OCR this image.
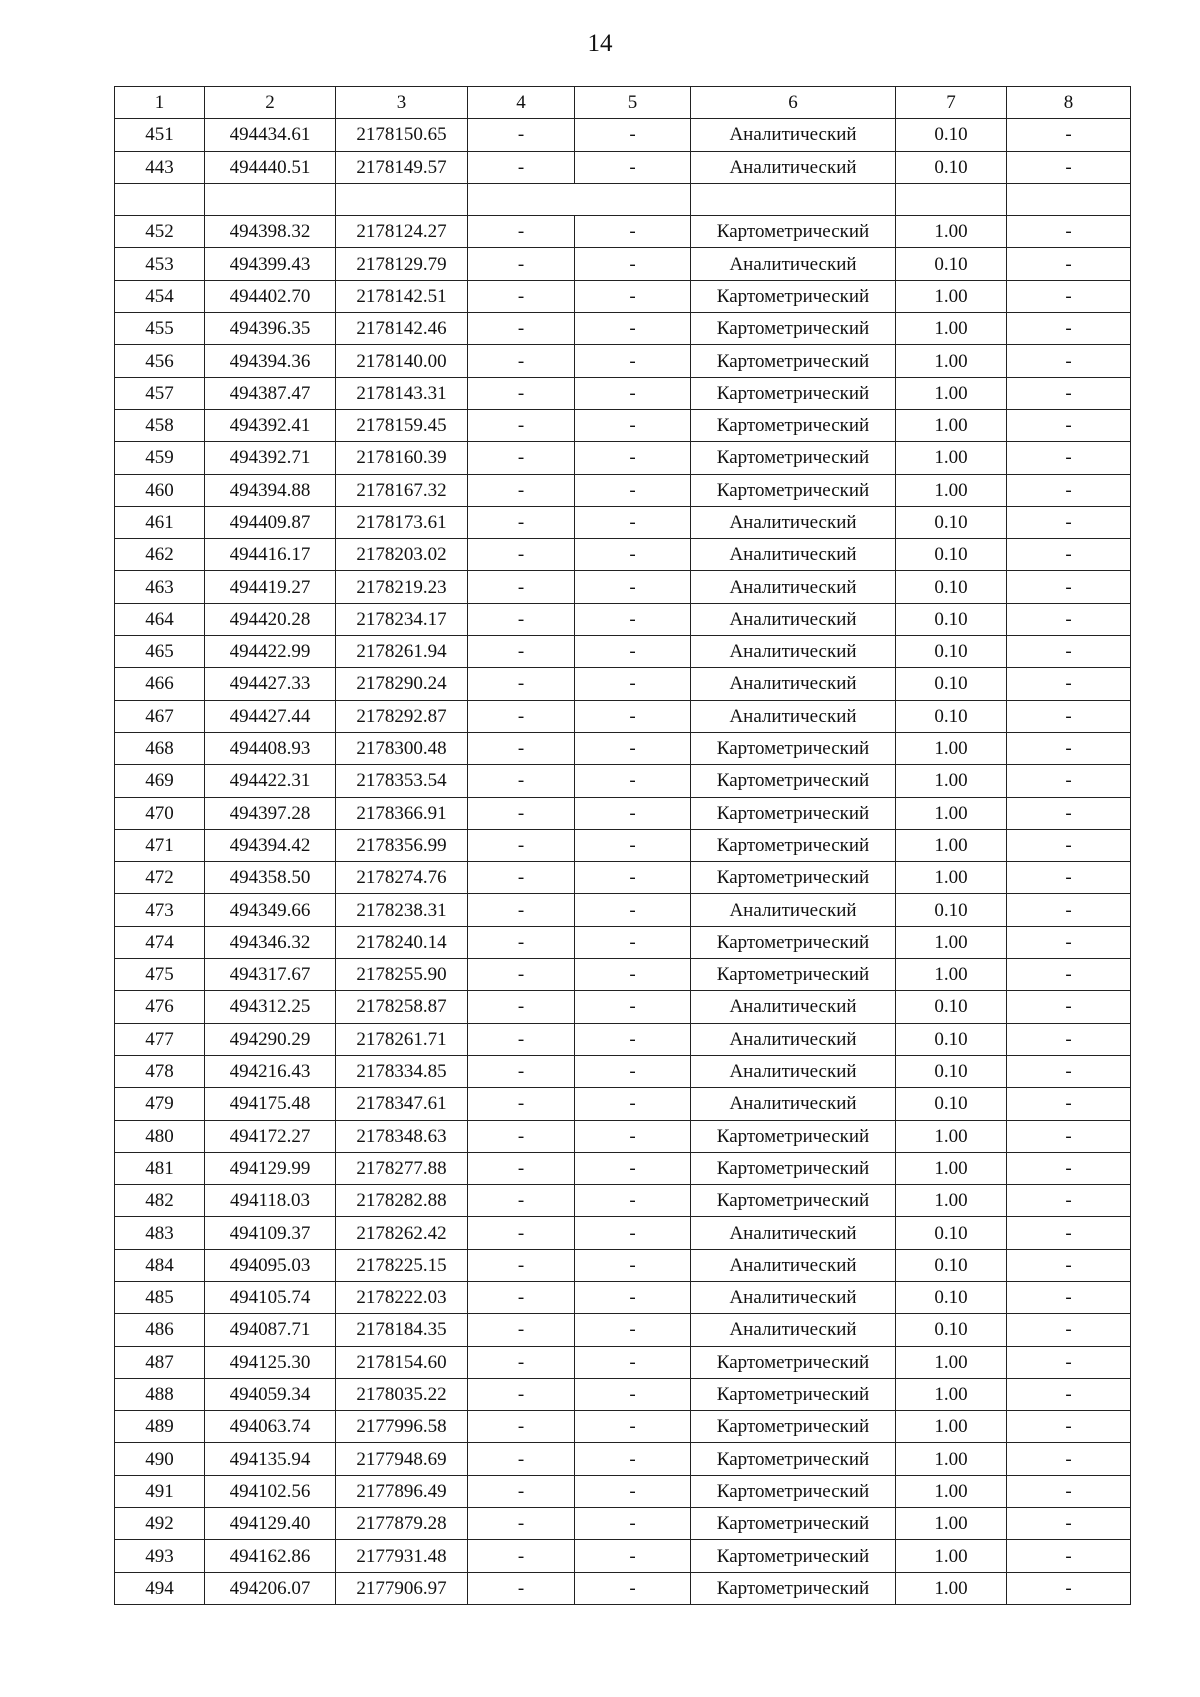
14
1	2	3	4	5	6	7	8
451	494434.61	2178150.65	-	-	Аналитический	0.10	-
443	494440.51	2178149.57	-	-	Аналитический	0.10	-

452	494398.32	2178124.27	-	-	Картометрический	1.00	-
453	494399.43	2178129.79	-	-	Аналитический	0.10	-
454	494402.70	2178142.51	-	-	Картометрический	1.00	-
455	494396.35	2178142.46	-	-	Картометрический	1.00	-
456	494394.36	2178140.00	-	-	Картометрический	1.00	-
457	494387.47	2178143.31	-	-	Картометрический	1.00	-
458	494392.41	2178159.45	-	-	Картометрический	1.00	-
459	494392.71	2178160.39	-	-	Картометрический	1.00	-
460	494394.88	2178167.32	-	-	Картометрический	1.00	-
461	494409.87	2178173.61	-	-	Аналитический	0.10	-
462	494416.17	2178203.02	-	-	Аналитический	0.10	-
463	494419.27	2178219.23	-	-	Аналитический	0.10	-
464	494420.28	2178234.17	-	-	Аналитический	0.10	-
465	494422.99	2178261.94	-	-	Аналитический	0.10	-
466	494427.33	2178290.24	-	-	Аналитический	0.10	-
467	494427.44	2178292.87	-	-	Аналитический	0.10	-
468	494408.93	2178300.48	-	-	Картометрический	1.00	-
469	494422.31	2178353.54	-	-	Картометрический	1.00	-
470	494397.28	2178366.91	-	-	Картометрический	1.00	-
471	494394.42	2178356.99	-	-	Картометрический	1.00	-
472	494358.50	2178274.76	-	-	Картометрический	1.00	-
473	494349.66	2178238.31	-	-	Аналитический	0.10	-
474	494346.32	2178240.14	-	-	Картометрический	1.00	-
475	494317.67	2178255.90	-	-	Картометрический	1.00	-
476	494312.25	2178258.87	-	-	Аналитический	0.10	-
477	494290.29	2178261.71	-	-	Аналитический	0.10	-
478	494216.43	2178334.85	-	-	Аналитический	0.10	-
479	494175.48	2178347.61	-	-	Аналитический	0.10	-
480	494172.27	2178348.63	-	-	Картометрический	1.00	-
481	494129.99	2178277.88	-	-	Картометрический	1.00	-
482	494118.03	2178282.88	-	-	Картометрический	1.00	-
483	494109.37	2178262.42	-	-	Аналитический	0.10	-
484	494095.03	2178225.15	-	-	Аналитический	0.10	-
485	494105.74	2178222.03	-	-	Аналитический	0.10	-
486	494087.71	2178184.35	-	-	Аналитический	0.10	-
487	494125.30	2178154.60	-	-	Картометрический	1.00	-
488	494059.34	2178035.22	-	-	Картометрический	1.00	-
489	494063.74	2177996.58	-	-	Картометрический	1.00	-
490	494135.94	2177948.69	-	-	Картометрический	1.00	-
491	494102.56	2177896.49	-	-	Картометрический	1.00	-
492	494129.40	2177879.28	-	-	Картометрический	1.00	-
493	494162.86	2177931.48	-	-	Картометрический	1.00	-
494	494206.07	2177906.97	-	-	Картометрический	1.00	-
